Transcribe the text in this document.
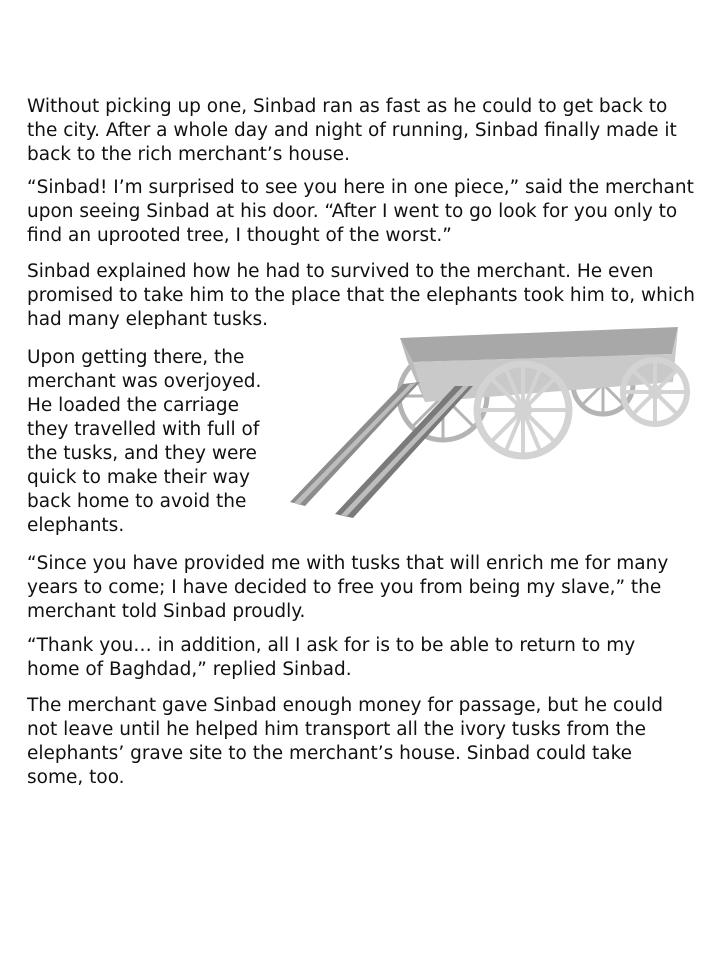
Without picking up one, Sinbad ran as fast as he could to get back to
the city. After a whole day and night of running, Sinbad finally made it
back to the rich merchant’s house.

“Sinbad! I’m surprised to see you here in one piece,” said the merchant
upon seeing Sinbad at his door. “After I went to go look for you only to
find an uprooted tree, I thought of the worst.”

Sinbad explained how he had to survived to the merchant. He even
promised to take him to the place that the elephants took him to, which
had many elephant tusks.

Upon getting there, the
merchant was overjoyed.
He loaded the carriage
they travelled with full of
the tusks, and they were
quick to make their way
back home to avoid the
elephants.

“Since you have provided me with tusks that will enrich me for many
years to come; I have decided to free you from being my slave,” the
merchant told Sinbad proudly.

“Thank you… in addition, all I ask for is to be able to return to my
home of Baghdad,” replied Sinbad.

The merchant gave Sinbad enough money for passage, but he could
not leave until he helped him transport all the ivory tusks from the
elephants’ grave site to the merchant’s house. Sinbad could take
some, too.
